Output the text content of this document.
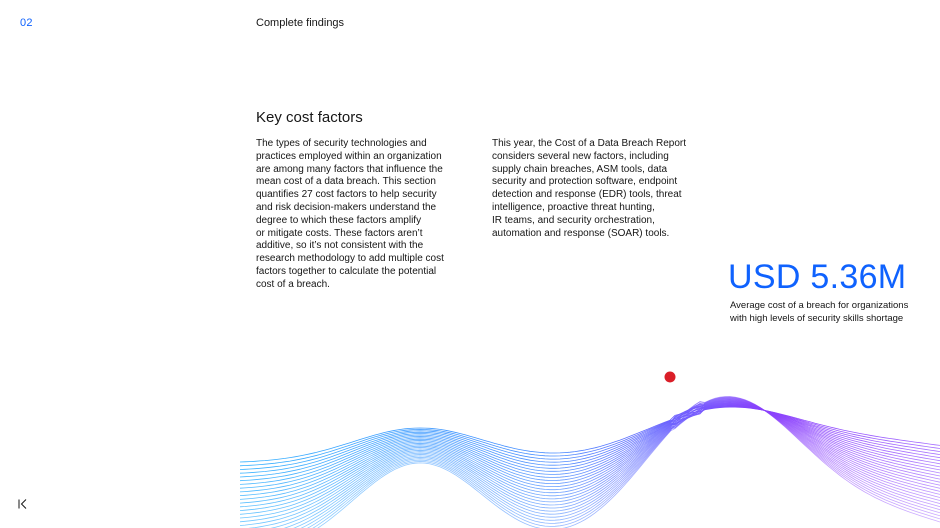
02	Complete findings
Key cost factors

The types of security technologies and
practices employed within an organization
are among many factors that influence the
mean cost of a data breach. This section
quantifies 27 cost factors to help security
and risk decision-makers understand the
degree to which these factors amplify
or mitigate costs. These factors aren’t
additive, so it’s not consistent with the
research methodology to add multiple cost
factors together to calculate the potential
cost of a breach.

This year, the Cost of a Data Breach Report
considers several new factors, including
supply chain breaches, ASM tools, data
security and protection software, endpoint
detection and response (EDR) tools, threat
intelligence, proactive threat hunting,
IR teams, and security orchestration,
automation and response (SOAR) tools.

USD 5.36M
Average cost of a breach for organizations
with high levels of security skills shortage
